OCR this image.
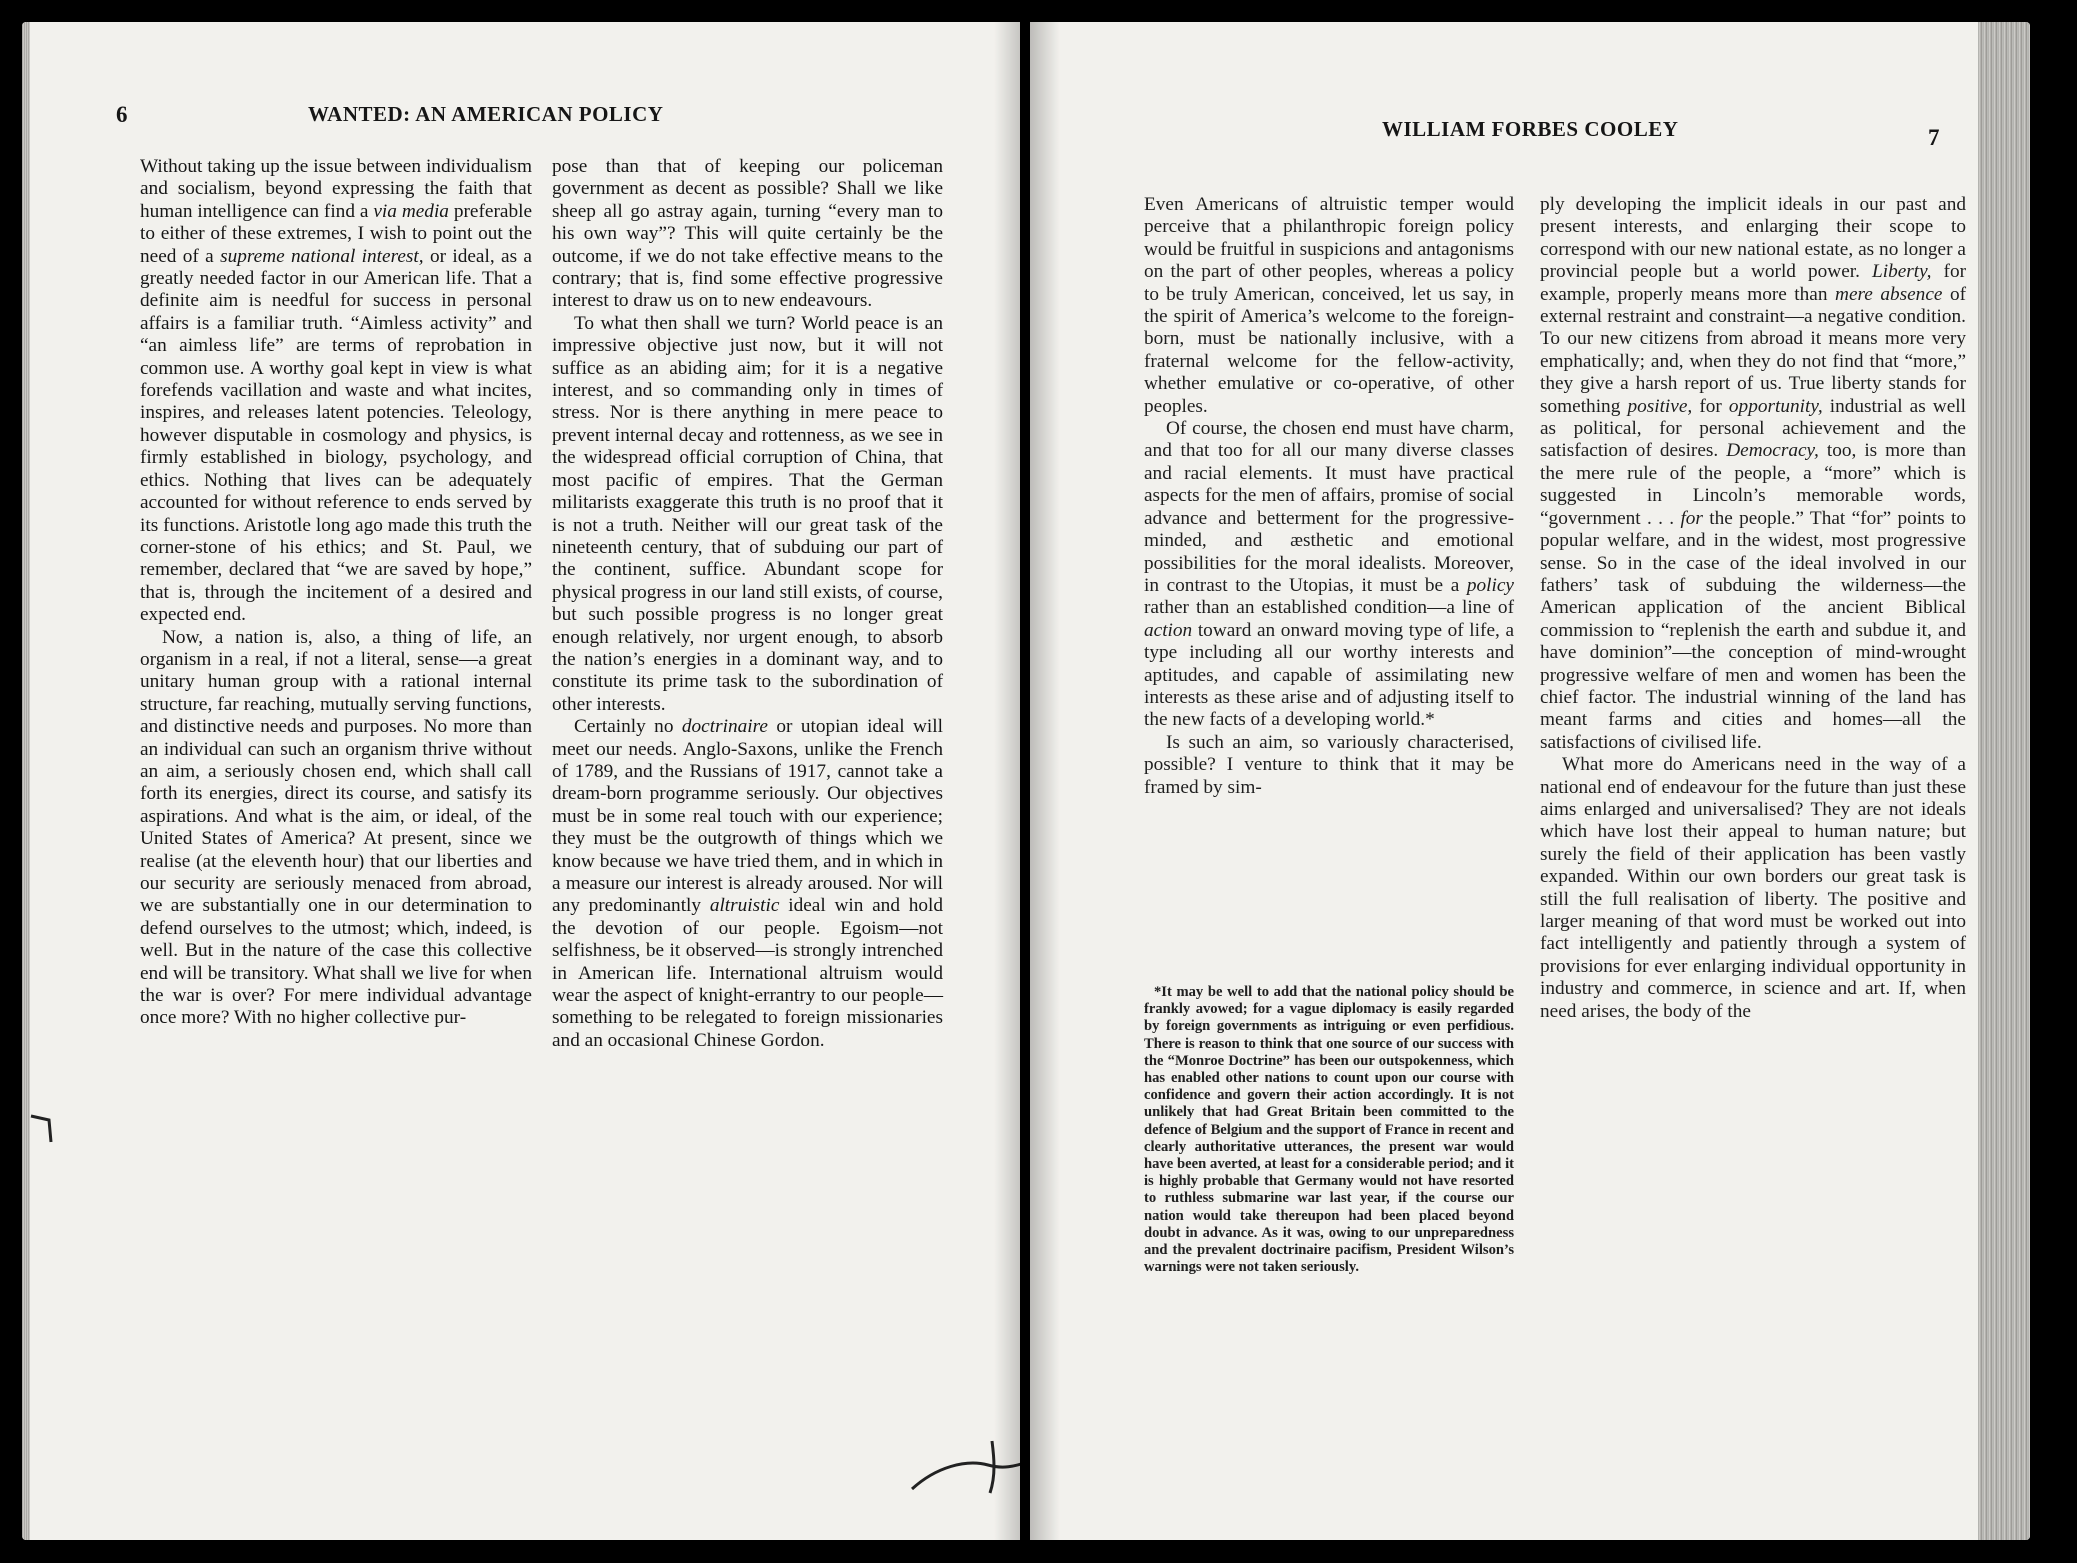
6	WANTED: AN AMERICAN POLICY

Without taking up the issue between individualism and socialism, beyond expressing the faith that human intelligence can find a via media preferable to either of these extremes, I wish to point out the need of a supreme national interest, or ideal, as a greatly needed factor in our American life. That a definite aim is needful for success in personal affairs is a familiar truth. “Aimless activity” and “an aimless life” are terms of reprobation in common use. A worthy goal kept in view is what forefends vacillation and waste and what incites, inspires, and releases latent potencies. Teleology, however disputable in cosmology and physics, is firmly established in biology, psychology, and ethics. Nothing that lives can be adequately accounted for without reference to ends served by its functions. Aristotle long ago made this truth the corner-stone of his ethics; and St. Paul, we remember, declared that “we are saved by hope,” that is, through the incitement of a desired and expected end.

Now, a nation is, also, a thing of life, an organism in a real, if not a literal, sense—a great unitary human group with a rational internal structure, far reaching, mutually serving functions, and distinctive needs and purposes. No more than an individual can such an organism thrive without an aim, a seriously chosen end, which shall call forth its energies, direct its course, and satisfy its aspirations. And what is the aim, or ideal, of the United States of America? At present, since we realise (at the eleventh hour) that our liberties and our security are seriously menaced from abroad, we are substantially one in our determination to defend ourselves to the utmost; which, indeed, is well. But in the nature of the case this collective end will be transitory. What shall we live for when the war is over? For mere individual advantage once more? With no higher collective pur-

pose than that of keeping our policeman government as decent as possible? Shall we like sheep all go astray again, turning “every man to his own way”? This will quite certainly be the outcome, if we do not take effective means to the contrary; that is, find some effective progressive interest to draw us on to new endeavours.

To what then shall we turn? World peace is an impressive objective just now, but it will not suffice as an abiding aim; for it is a negative interest, and so commanding only in times of stress. Nor is there anything in mere peace to prevent internal decay and rottenness, as we see in the widespread official corruption of China, that most pacific of empires. That the German militarists exaggerate this truth is no proof that it is not a truth. Neither will our great task of the nineteenth century, that of subduing our part of the continent, suffice. Abundant scope for physical progress in our land still exists, of course, but such possible progress is no longer great enough relatively, nor urgent enough, to absorb the nation’s energies in a dominant way, and to constitute its prime task to the subordination of other interests.

Certainly no doctrinaire or utopian ideal will meet our needs. Anglo-Saxons, unlike the French of 1789, and the Russians of 1917, cannot take a dream-born programme seriously. Our objectives must be in some real touch with our experience; they must be the outgrowth of things which we know because we have tried them, and in which in a measure our interest is already aroused. Nor will any predominantly altruistic ideal win and hold the devotion of our people. Egoism—not selfishness, be it observed—is strongly intrenched in American life. International altruism would wear the aspect of knight-errantry to our people—something to be relegated to foreign missionaries and an occasional Chinese Gordon.

WILLIAM FORBES COOLEY	7

Even Americans of altruistic temper would perceive that a philanthropic foreign policy would be fruitful in suspicions and antagonisms on the part of other peoples, whereas a policy to be truly American, conceived, let us say, in the spirit of America’s welcome to the foreign-born, must be nationally inclusive, with a fraternal welcome for the fellow-activity, whether emulative or co-operative, of other peoples.

Of course, the chosen end must have charm, and that too for all our many diverse classes and racial elements. It must have practical aspects for the men of affairs, promise of social advance and betterment for the progressive-minded, and æsthetic and emotional possibilities for the moral idealists. Moreover, in contrast to the Utopias, it must be a policy rather than an established condition—a line of action toward an onward moving type of life, a type including all our worthy interests and aptitudes, and capable of assimilating new interests as these arise and of adjusting itself to the new facts of a developing world.*

Is such an aim, so variously characterised, possible? I venture to think that it may be framed by sim-

*It may be well to add that the national policy should be frankly avowed; for a vague diplomacy is easily regarded by foreign governments as intriguing or even perfidious. There is reason to think that one source of our success with the “Monroe Doctrine” has been our outspokenness, which has enabled other nations to count upon our course with confidence and govern their action accordingly. It is not unlikely that had Great Britain been committed to the defence of Belgium and the support of France in recent and clearly authoritative utterances, the present war would have been averted, at least for a considerable period; and it is highly probable that Germany would not have resorted to ruthless submarine war last year, if the course our nation would take thereupon had been placed beyond doubt in advance. As it was, owing to our unpreparedness and the prevalent doctrinaire pacifism, President Wilson’s warnings were not taken seriously.

ply developing the implicit ideals in our past and present interests, and enlarging their scope to correspond with our new national estate, as no longer a provincial people but a world power. Liberty, for example, properly means more than mere absence of external restraint and constraint—a negative condition. To our new citizens from abroad it means more very emphatically; and, when they do not find that “more,” they give a harsh report of us. True liberty stands for something positive, for opportunity, industrial as well as political, for personal achievement and the satisfaction of desires. Democracy, too, is more than the mere rule of the people, a “more” which is suggested in Lincoln’s memorable words, “government . . . for the people.” That “for” points to popular welfare, and in the widest, most progressive sense. So in the case of the ideal involved in our fathers’ task of subduing the wilderness—the American application of the ancient Biblical commission to “replenish the earth and subdue it, and have dominion”—the conception of mind-wrought progressive welfare of men and women has been the chief factor. The industrial winning of the land has meant farms and cities and homes—all the satisfactions of civilised life.

What more do Americans need in the way of a national end of endeavour for the future than just these aims enlarged and universalised? They are not ideals which have lost their appeal to human nature; but surely the field of their application has been vastly expanded. Within our own borders our great task is still the full realisation of liberty. The positive and larger meaning of that word must be worked out into fact intelligently and patiently through a system of provisions for ever enlarging individual opportunity in industry and commerce, in science and art. If, when need arises, the body of the
